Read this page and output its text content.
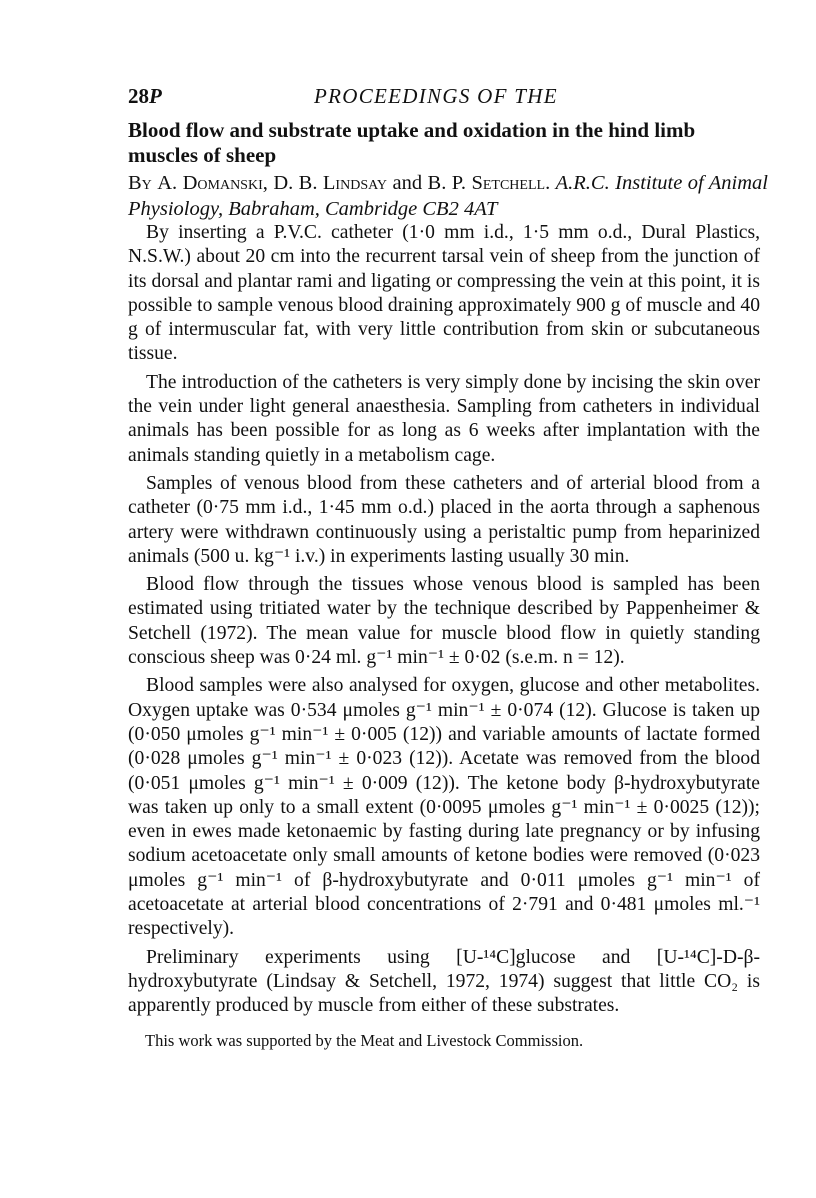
28P	PROCEEDINGS OF THE
Blood flow and substrate uptake and oxidation in the hind limb muscles of sheep
By A. Domanski, D. B. Lindsay and B. P. Setchell. A.R.C. Institute of Animal Physiology, Babraham, Cambridge CB2 4AT

By inserting a P.V.C. catheter (1·0 mm i.d., 1·5 mm o.d., Dural Plastics, N.S.W.) about 20 cm into the recurrent tarsal vein of sheep from the junction of its dorsal and plantar rami and ligating or compressing the vein at this point, it is possible to sample venous blood draining approximately 900 g of muscle and 40 g of intermuscular fat, with very little contribution from skin or subcutaneous tissue.

The introduction of the catheters is very simply done by incising the skin over the vein under light general anaesthesia. Sampling from catheters in individual animals has been possible for as long as 6 weeks after implantation with the animals standing quietly in a metabolism cage.

Samples of venous blood from these catheters and of arterial blood from a catheter (0·75 mm i.d., 1·45 mm o.d.) placed in the aorta through a saphenous artery were withdrawn continuously using a peristaltic pump from heparinized animals (500 u. kg⁻¹ i.v.) in experiments lasting usually 30 min.

Blood flow through the tissues whose venous blood is sampled has been estimated using tritiated water by the technique described by Pappenheimer & Setchell (1972). The mean value for muscle blood flow in quietly standing conscious sheep was 0·24 ml. g⁻¹ min⁻¹ ± 0·02 (s.e.m. n = 12).

Blood samples were also analysed for oxygen, glucose and other metabolites. Oxygen uptake was 0·534 μmoles g⁻¹ min⁻¹ ± 0·074 (12). Glucose is taken up (0·050 μmoles g⁻¹ min⁻¹ ± 0·005 (12)) and variable amounts of lactate formed (0·028 μmoles g⁻¹ min⁻¹ ± 0·023 (12)). Acetate was removed from the blood (0·051 μmoles g⁻¹ min⁻¹ ± 0·009 (12)). The ketone body β-hydroxybutyrate was taken up only to a small extent (0·0095 μmoles g⁻¹ min⁻¹ ± 0·0025 (12)); even in ewes made ketonaemic by fasting during late pregnancy or by infusing sodium acetoacetate only small amounts of ketone bodies were removed (0·023 μmoles g⁻¹ min⁻¹ of β-hydroxybutyrate and 0·011 μmoles g⁻¹ min⁻¹ of acetoacetate at arterial blood concentrations of 2·791 and 0·481 μmoles ml.⁻¹ respectively).

Preliminary experiments using [U-¹⁴C]glucose and [U-¹⁴C]-D-β-hydroxybutyrate (Lindsay & Setchell, 1972, 1974) suggest that little CO₂ is apparently produced by muscle from either of these substrates.

This work was supported by the Meat and Livestock Commission.
